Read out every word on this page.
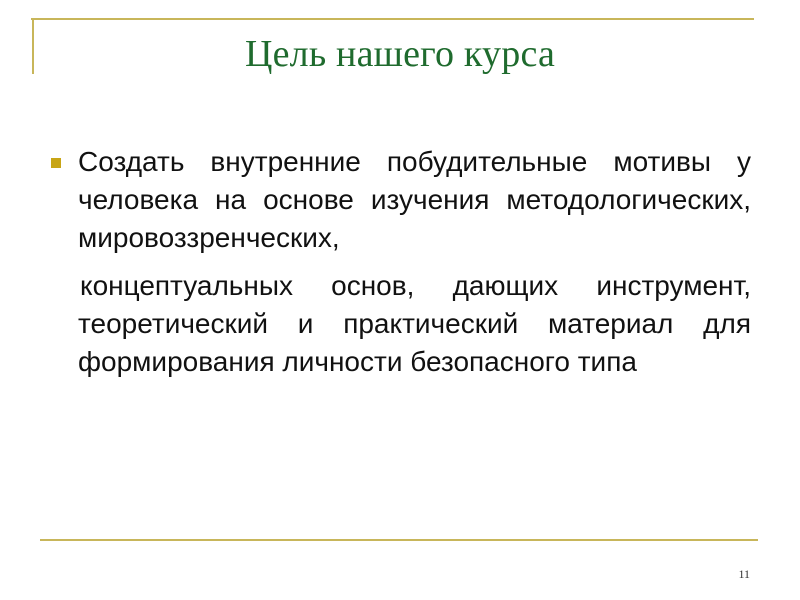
Цель нашего курса

Создать внутренние побудительные мотивы у человека на основе изучения методологических, мировоззренческих,

концептуальных основ, дающих инструмент, теоретический и практический материал для формирования личности безопасного типа

11
